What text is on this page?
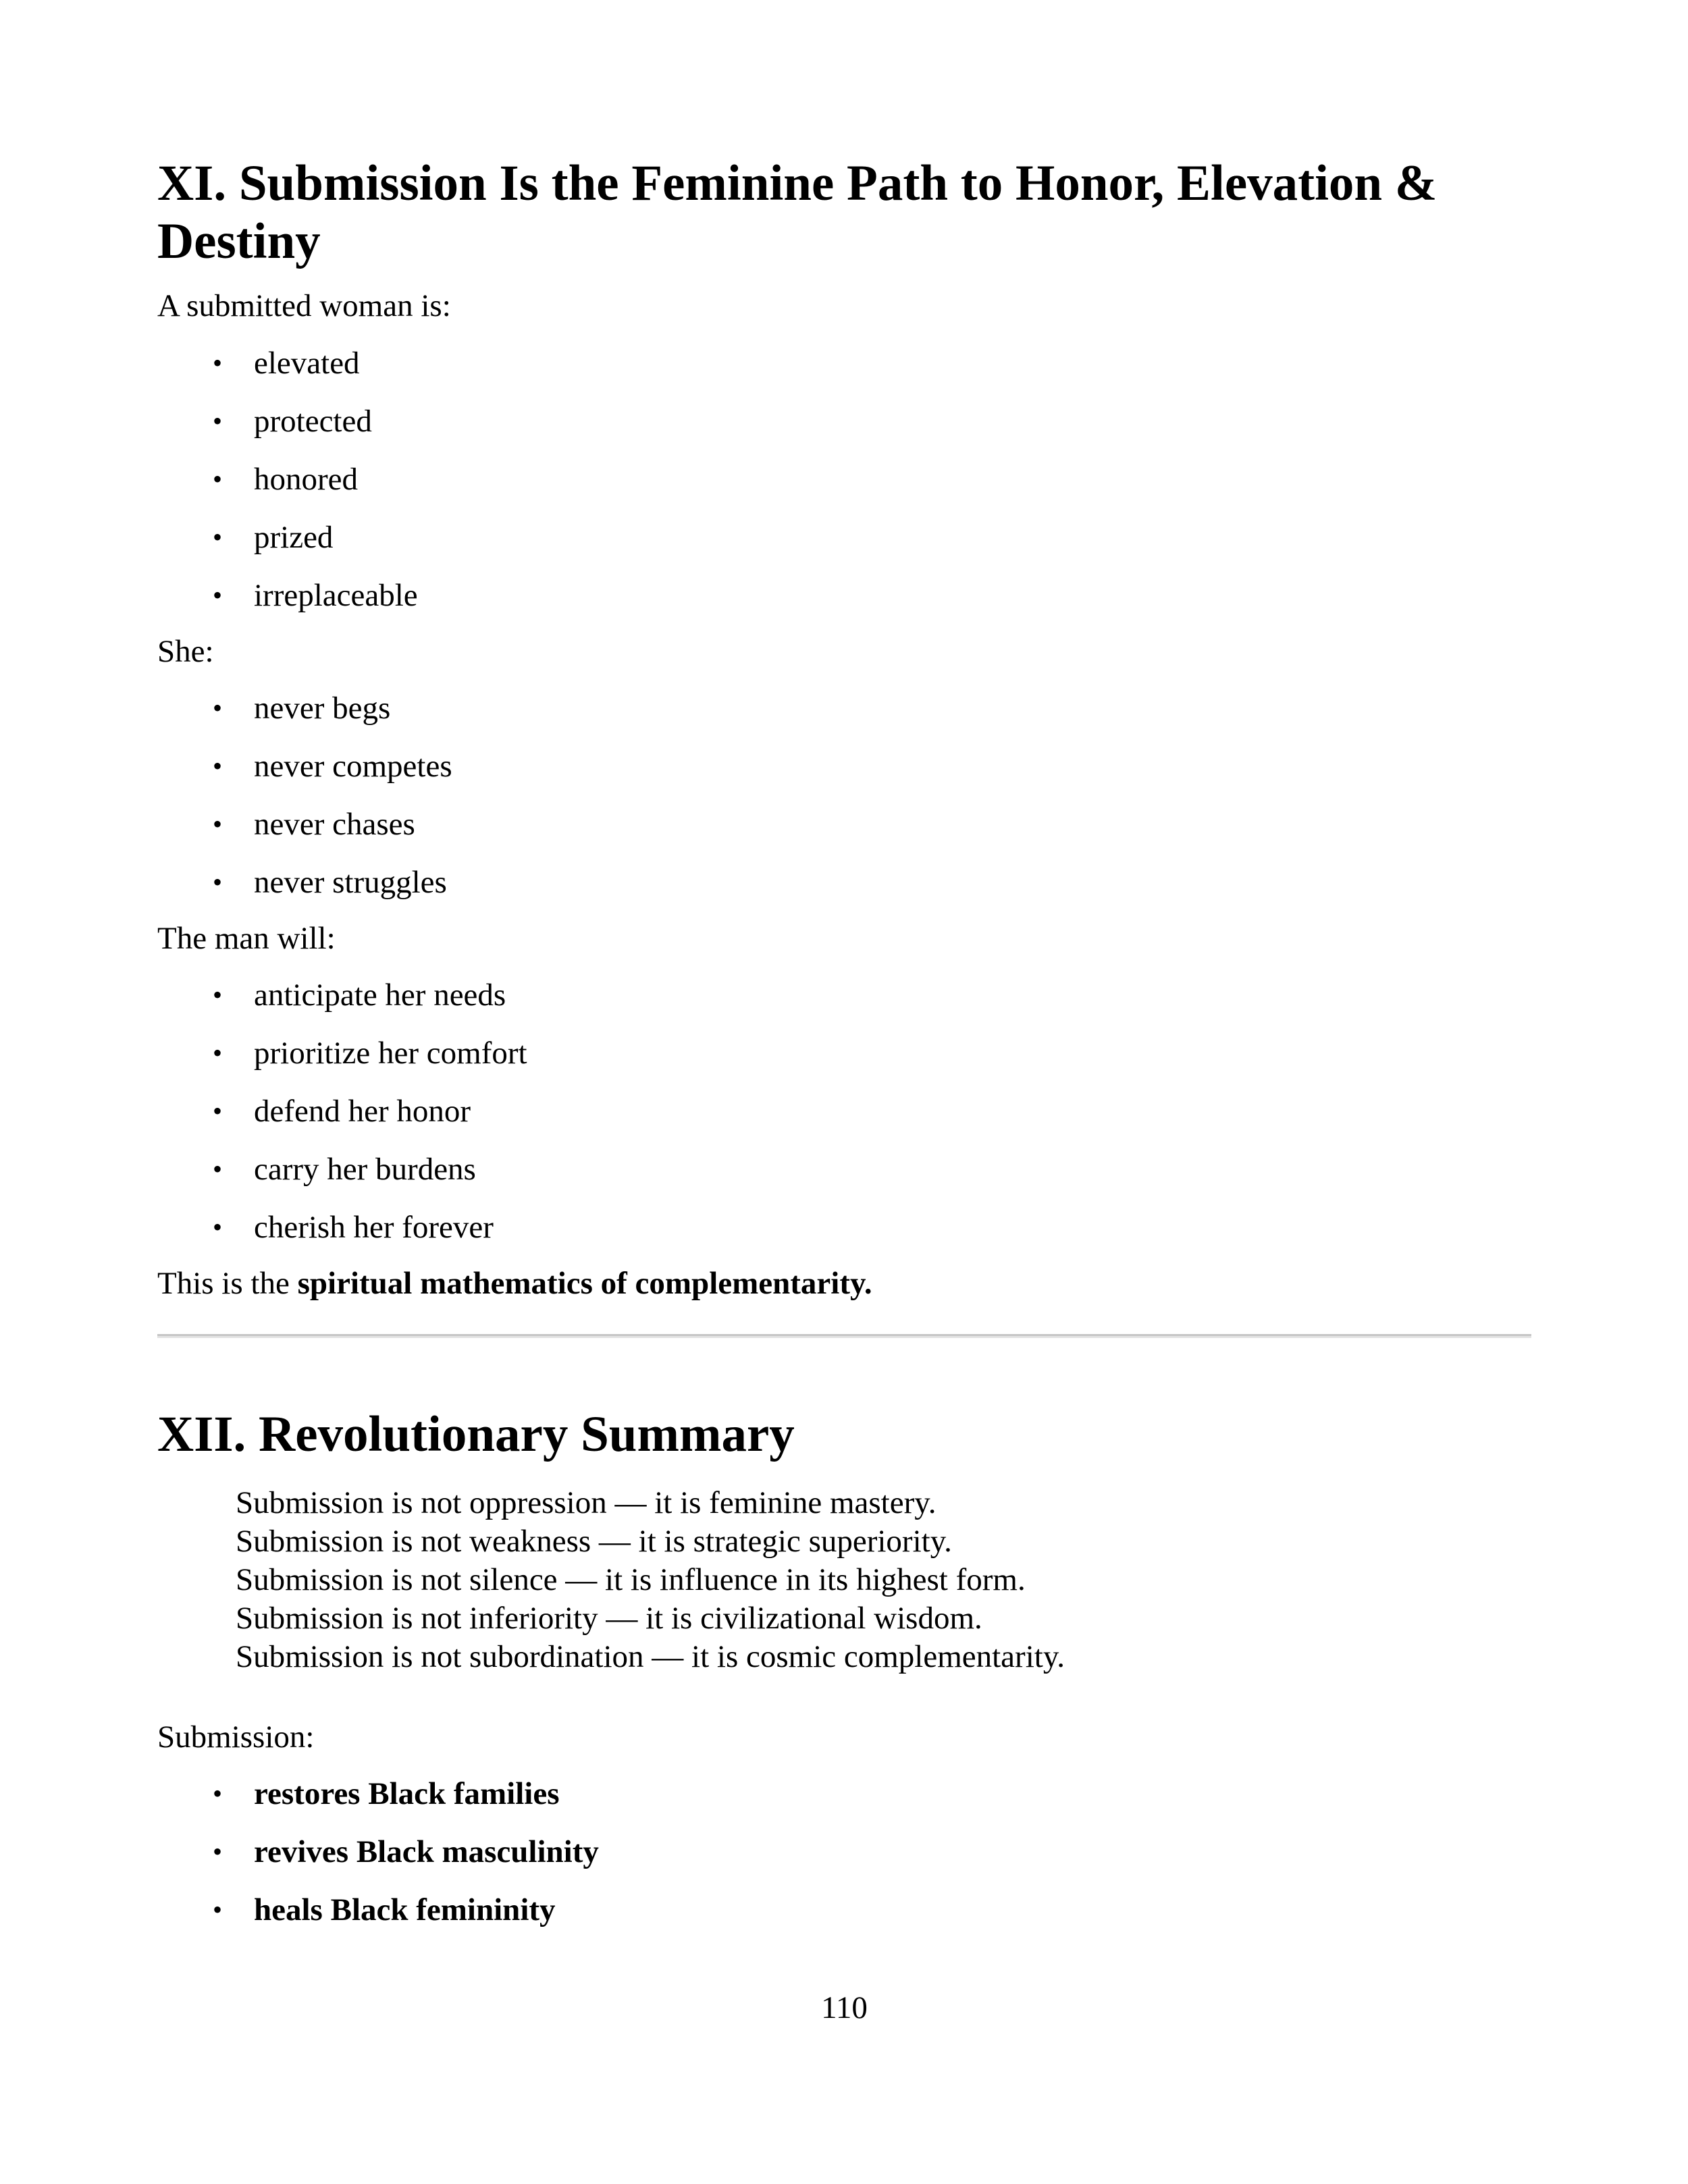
XI. Submission Is the Feminine Path to Honor, Elevation & Destiny

A submitted woman is:

• elevated
• protected
• honored
• prized
• irreplaceable

She:

• never begs
• never competes
• never chases
• never struggles

The man will:

• anticipate her needs
• prioritize her comfort
• defend her honor
• carry her burdens
• cherish her forever

This is the spiritual mathematics of complementarity.

XII. Revolutionary Summary
Submission is not oppression — it is feminine mastery.
Submission is not weakness — it is strategic superiority.
Submission is not silence — it is influence in its highest form.
Submission is not inferiority — it is civilizational wisdom.
Submission is not subordination — it is cosmic complementarity.

Submission:

• restores Black families
• revives Black masculinity
• heals Black femininity
110
